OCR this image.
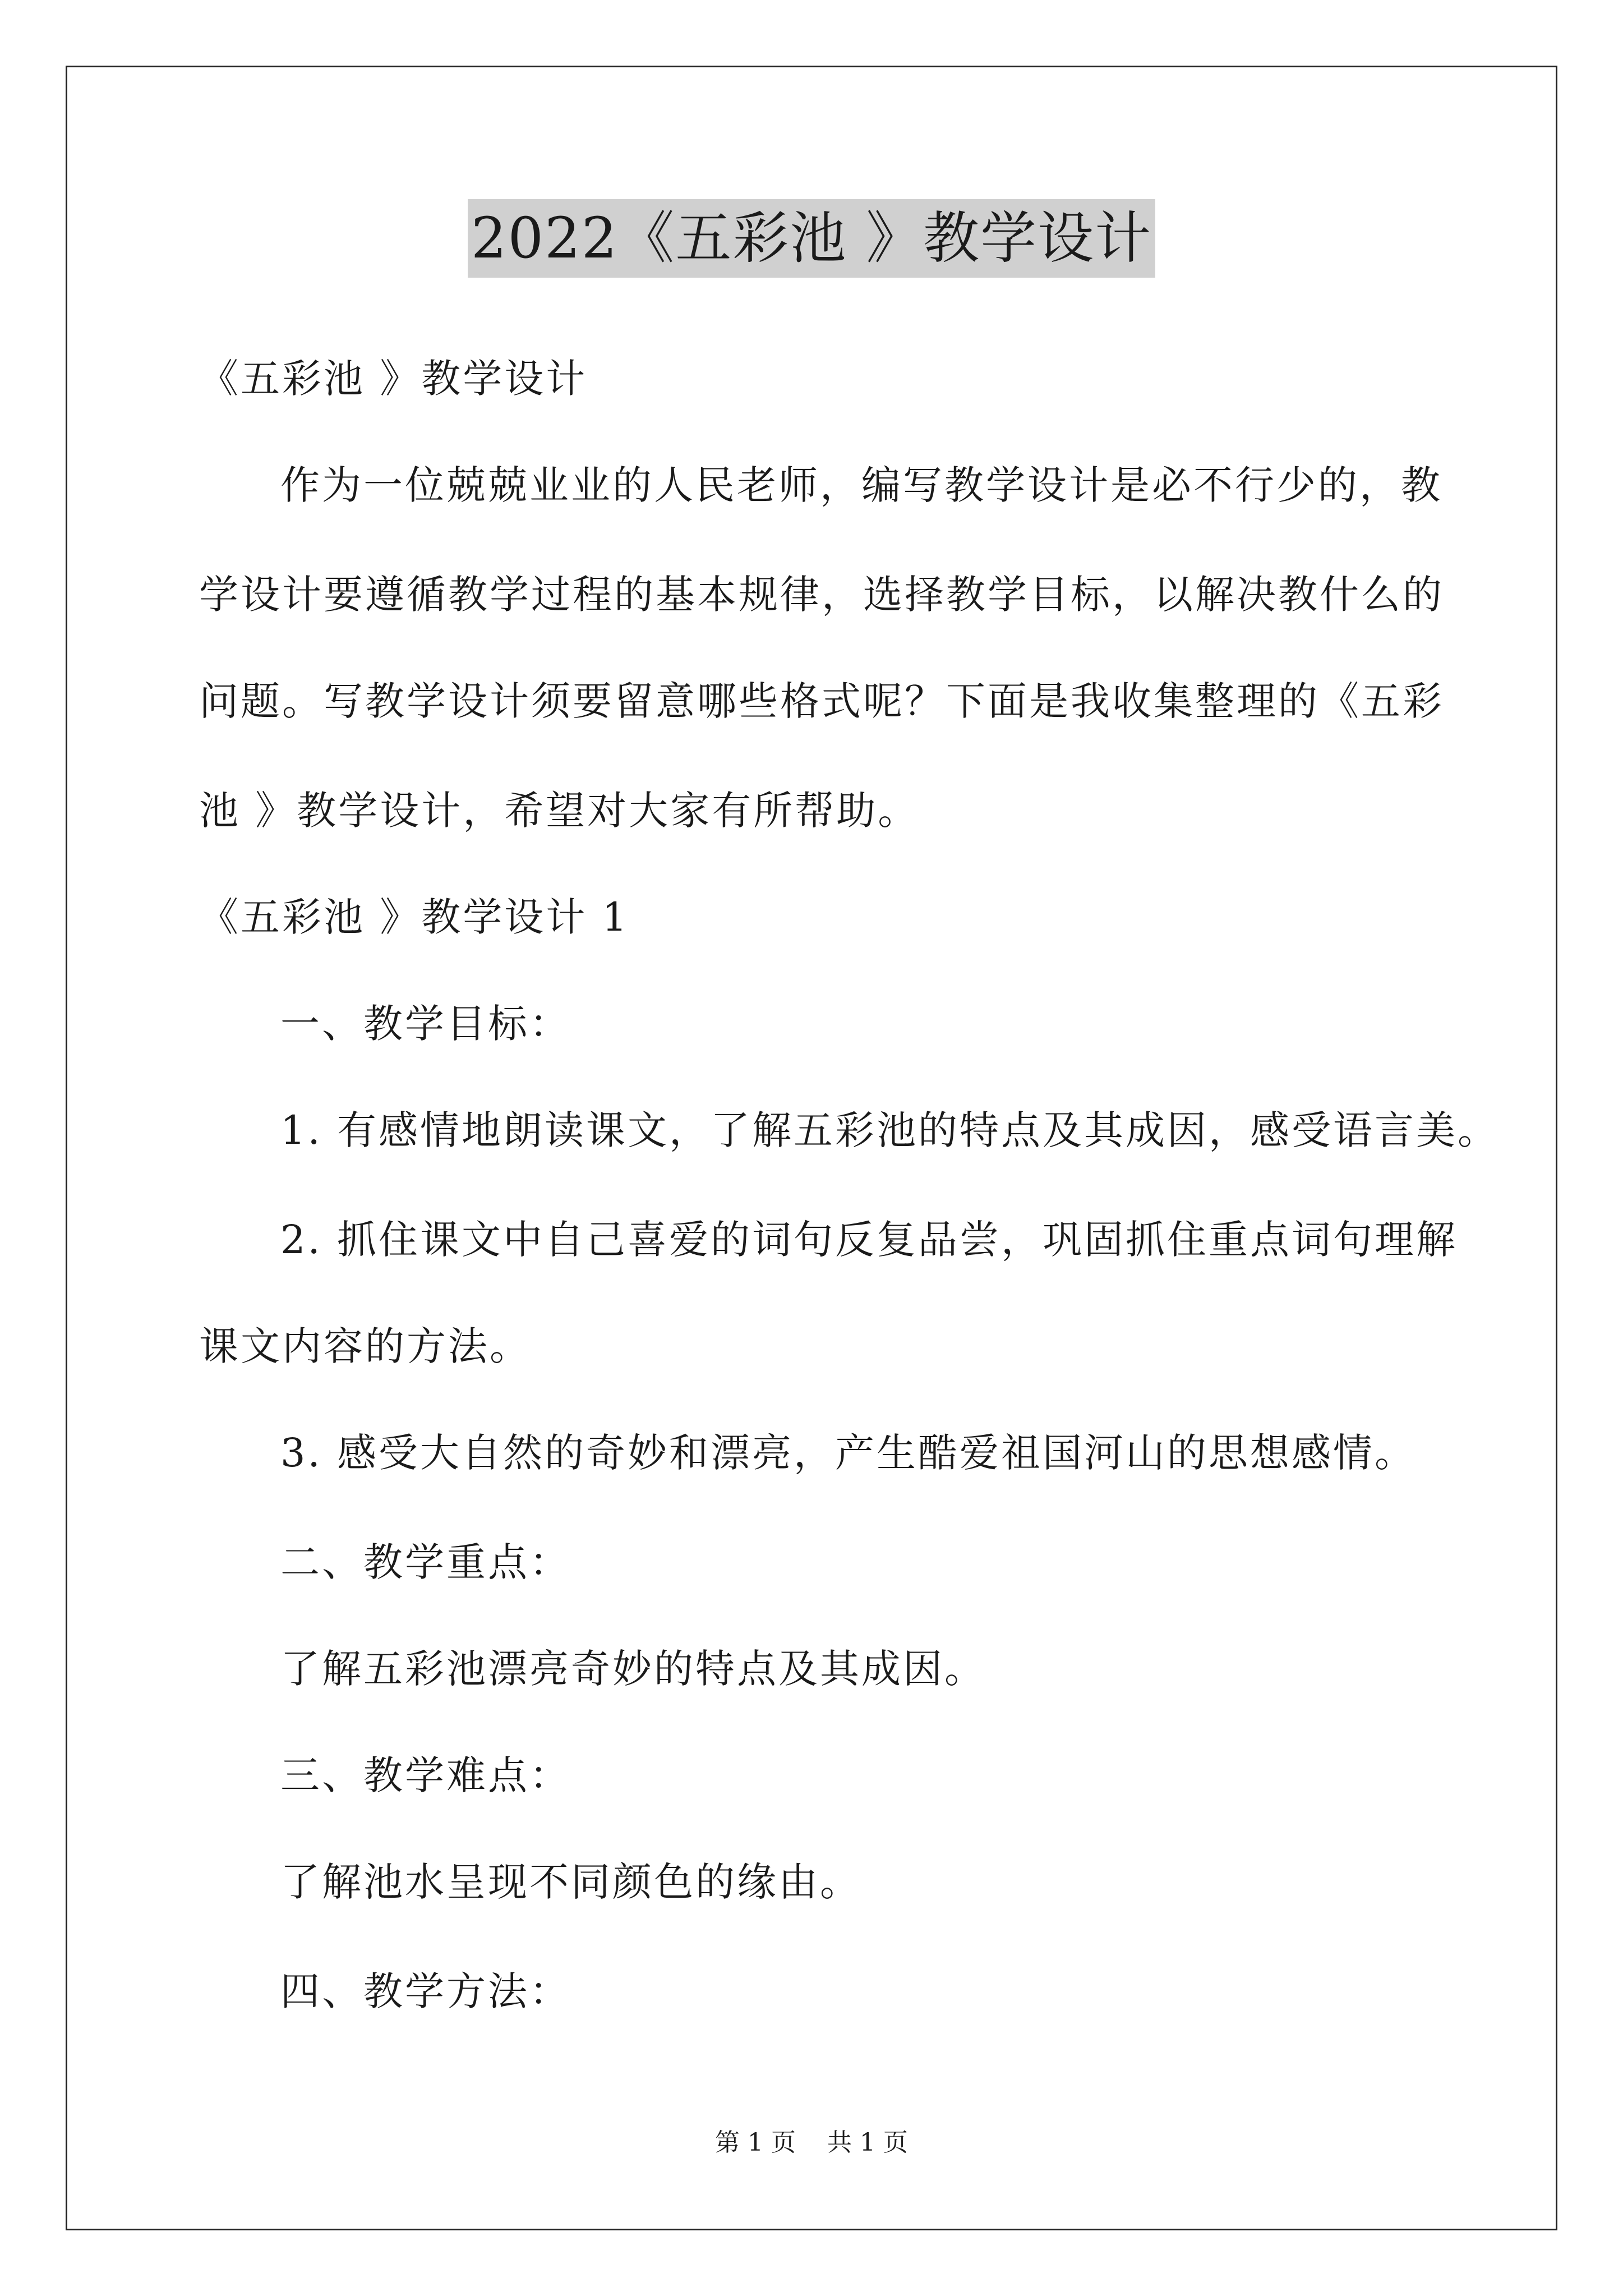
2022《五彩池 》教学设计
《五彩池 》教学设计
作为一位兢兢业业的人民老师，编写教学设计是必不行少的，教
学设计要遵循教学过程的基本规律，选择教学目标，以解决教什么的
问题。写教学设计须要留意哪些格式呢？下面是我收集整理的《五彩
池 》教学设计，希望对大家有所帮助。
《五彩池 》教学设计 1
一、教学目标：
1. 有感情地朗读课文，了解五彩池的特点及其成因，感受语言美。
2. 抓住课文中自己喜爱的词句反复品尝，巩固抓住重点词句理解
课文内容的方法。
3. 感受大自然的奇妙和漂亮，产生酷爱祖国河山的思想感情。
二、教学重点：
了解五彩池漂亮奇妙的特点及其成因。
三、教学难点：
了解池水呈现不同颜色的缘由。
四、教学方法：
第 1 页    共 1 页
